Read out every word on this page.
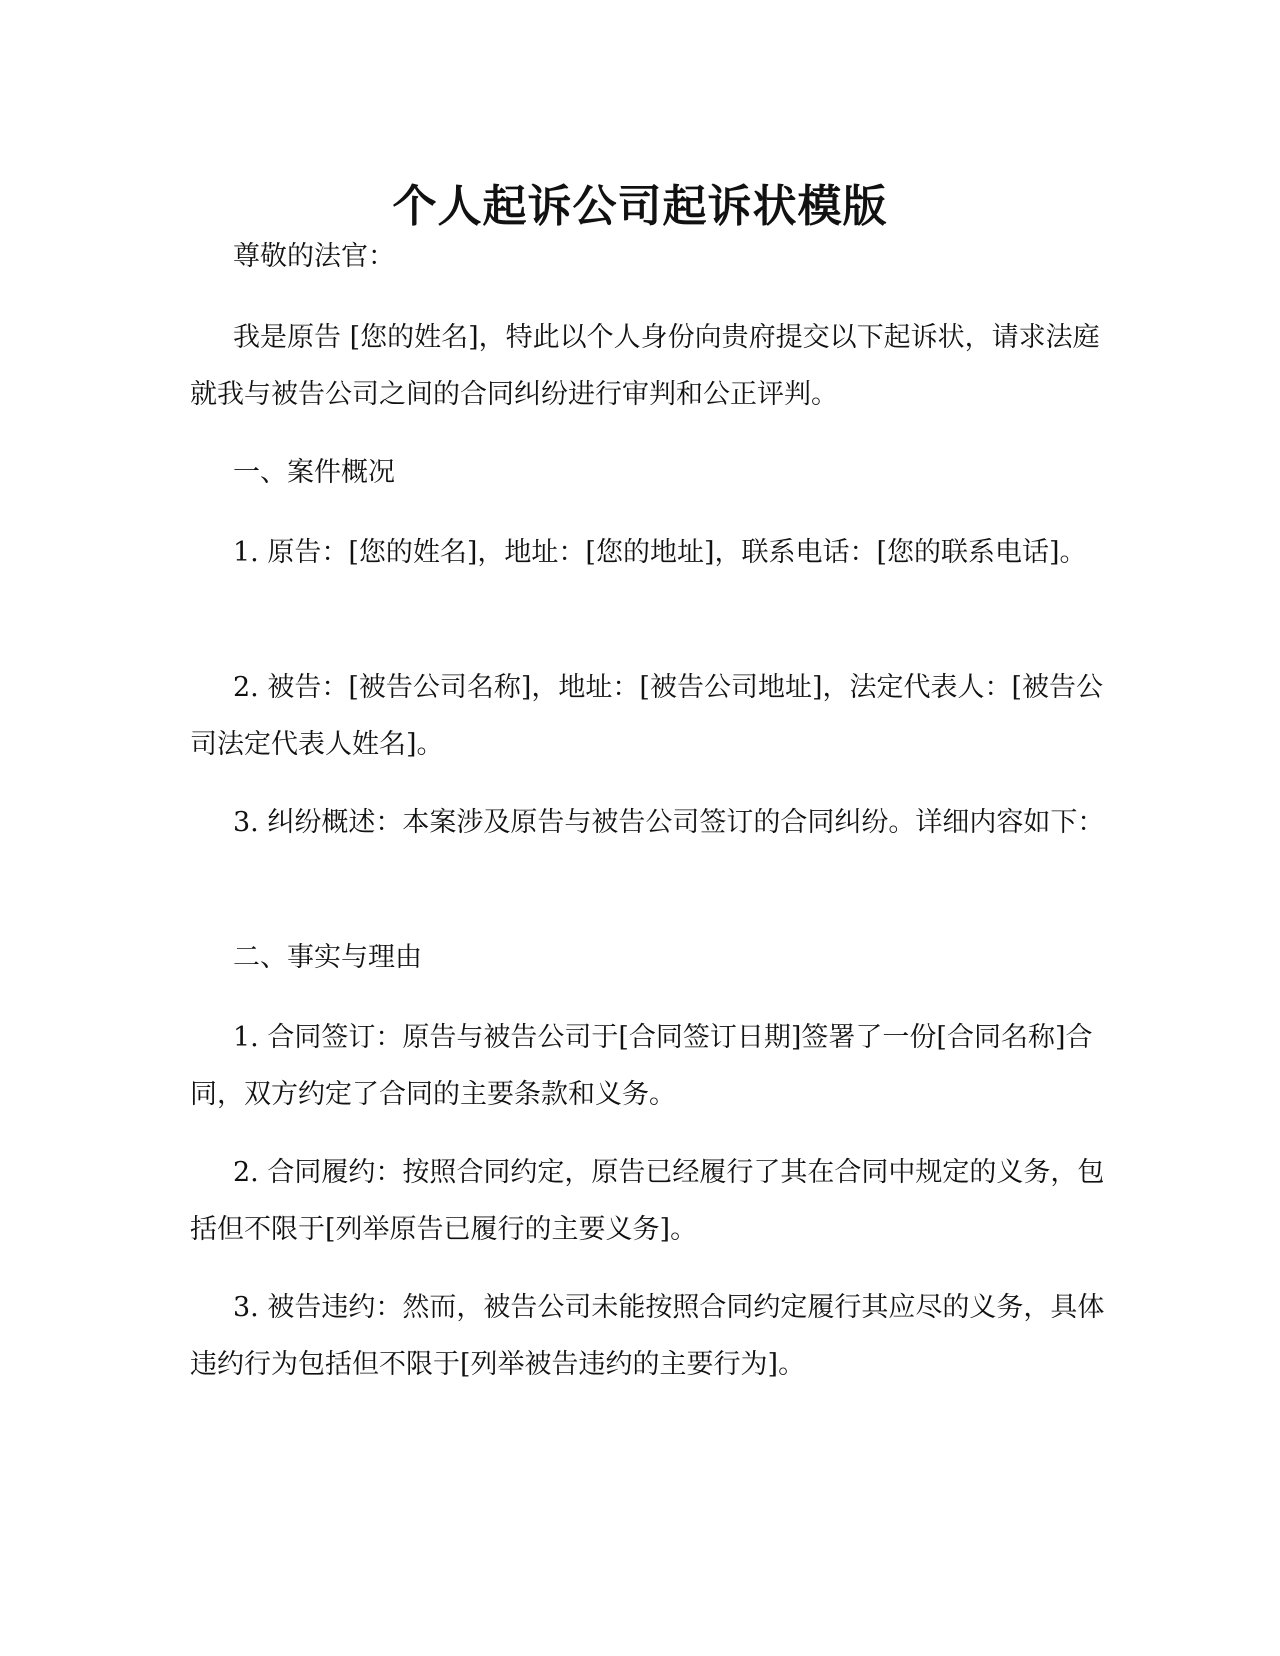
个人起诉公司起诉状模版

尊敬的法官：

我是原告 [您的姓名]，特此以个人身份向贵府提交以下起诉状，请求法庭就我与被告公司之间的合同纠纷进行审判和公正评判。

一、案件概况

1. 原告：[您的姓名]，地址：[您的地址]，联系电话：[您的联系电话]。

2. 被告：[被告公司名称]，地址：[被告公司地址]，法定代表人：[被告公司法定代表人姓名]。

3. 纠纷概述：本案涉及原告与被告公司签订的合同纠纷。详细内容如下：

二、事实与理由

1. 合同签订：原告与被告公司于[合同签订日期]签署了一份[合同名称]合同，双方约定了合同的主要条款和义务。

2. 合同履约：按照合同约定，原告已经履行了其在合同中规定的义务，包括但不限于[列举原告已履行的主要义务]。

3. 被告违约：然而，被告公司未能按照合同约定履行其应尽的义务，具体违约行为包括但不限于[列举被告违约的主要行为]。
